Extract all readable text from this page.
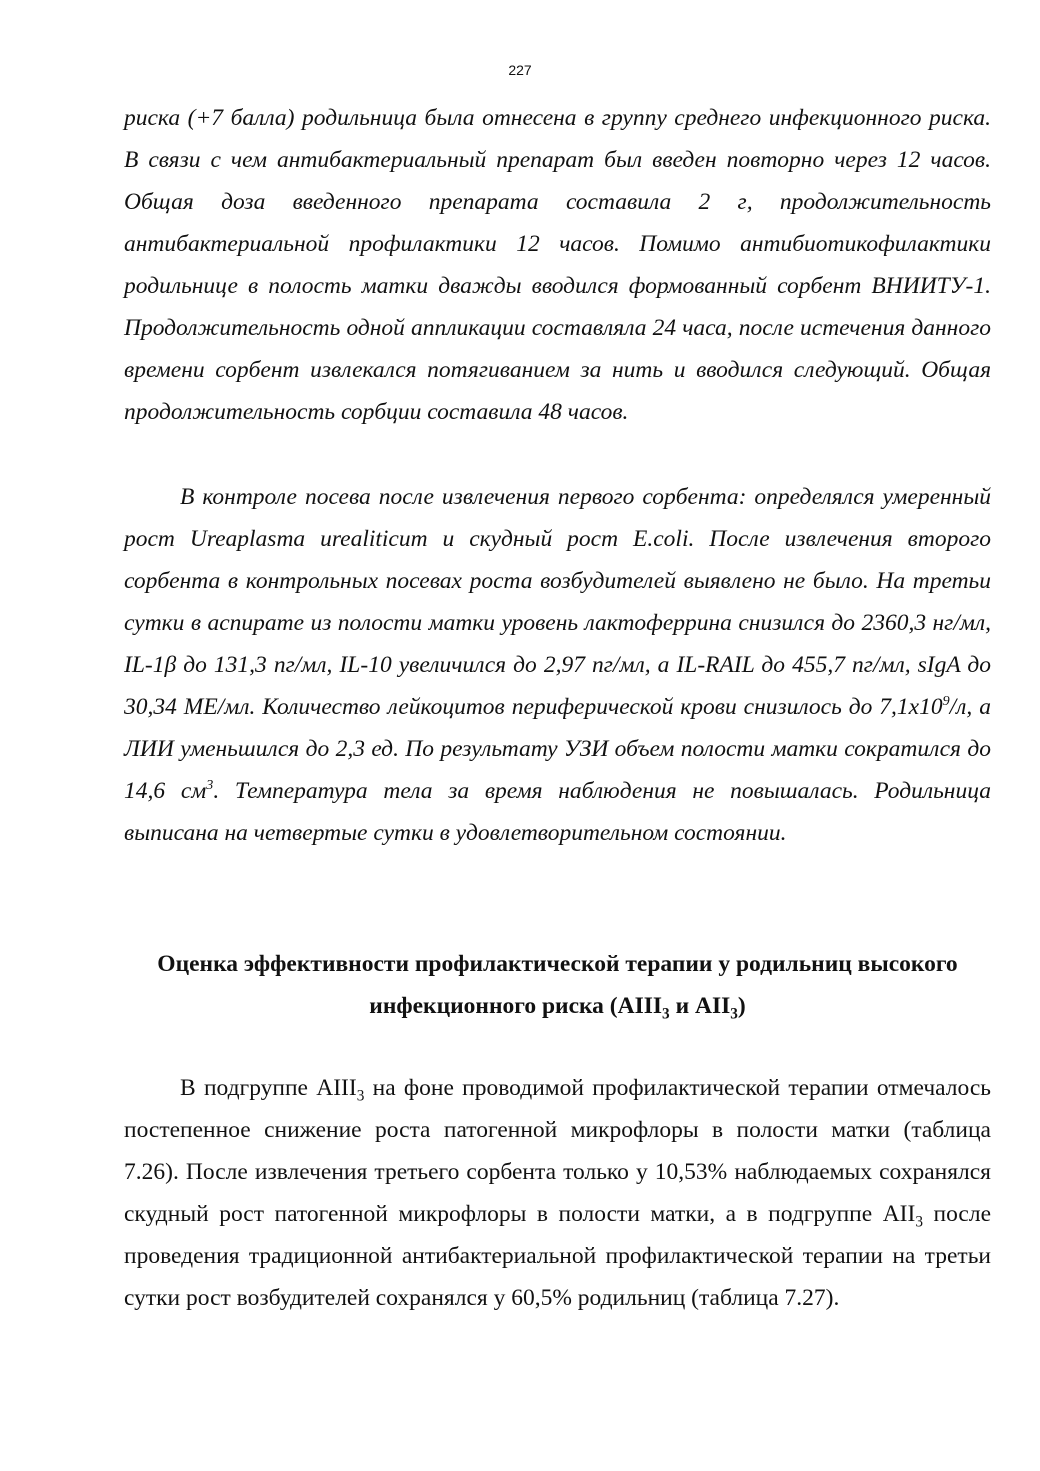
227

риска (+7 балла) родильница была отнесена в группу среднего инфекционного риска. В связи с чем антибактериальный препарат был введен повторно через 12 часов. Общая доза введенного препарата составила 2 г, продолжительность антибактериальной профилактики 12 часов. Помимо антибиотикофилактики родильнице в полость матки дважды вводился формованный сорбент ВНИИТУ-1. Продолжительность одной аппликации составляла 24 часа, после истечения данного времени сорбент извлекался потягиванием за нить и вводился следующий. Общая продолжительность сорбции составила 48 часов.

В контроле посева после извлечения первого сорбента: определялся умеренный рост Ureaplasma urealiticum и скудный рост E.coli. После извлечения второго сорбента в контрольных посевах роста возбудителей выявлено не было. На третьи сутки в аспирате из полости матки уровень лактоферрина снизился до 2360,3 нг/мл, IL-1β до 131,3 пг/мл, IL-10 увеличился до 2,97 пг/мл, а IL-RAIL до 455,7 пг/мл, sIgA до 30,34 МЕ/мл. Количество лейкоцитов периферической крови снизилось до $7,1x10^9/л$, а ЛИИ уменьшился до 2,3 ед. По результату УЗИ объем полости матки сократился до 14,6 $см^3$. Температура тела за время наблюдения не повышалась. Родильница выписана на четвертые сутки в удовлетворительном состоянии.

Оценка эффективности профилактической терапии у родильниц высокого инфекционного риска ($АIII_3$ и $АII_3$)

В подгруппе $АIII_3$ на фоне проводимой профилактической терапии отмечалось постепенное снижение роста патогенной микрофлоры в полости матки (таблица 7.26). После извлечения третьего сорбента только у 10,53% наблюдаемых сохранялся скудный рост патогенной микрофлоры в полости матки, а в подгруппе $АII_3$ после проведения традиционной антибактериальной профилактической терапии на третьи сутки рост возбудителей сохранялся у 60,5% родильниц (таблица 7.27).
